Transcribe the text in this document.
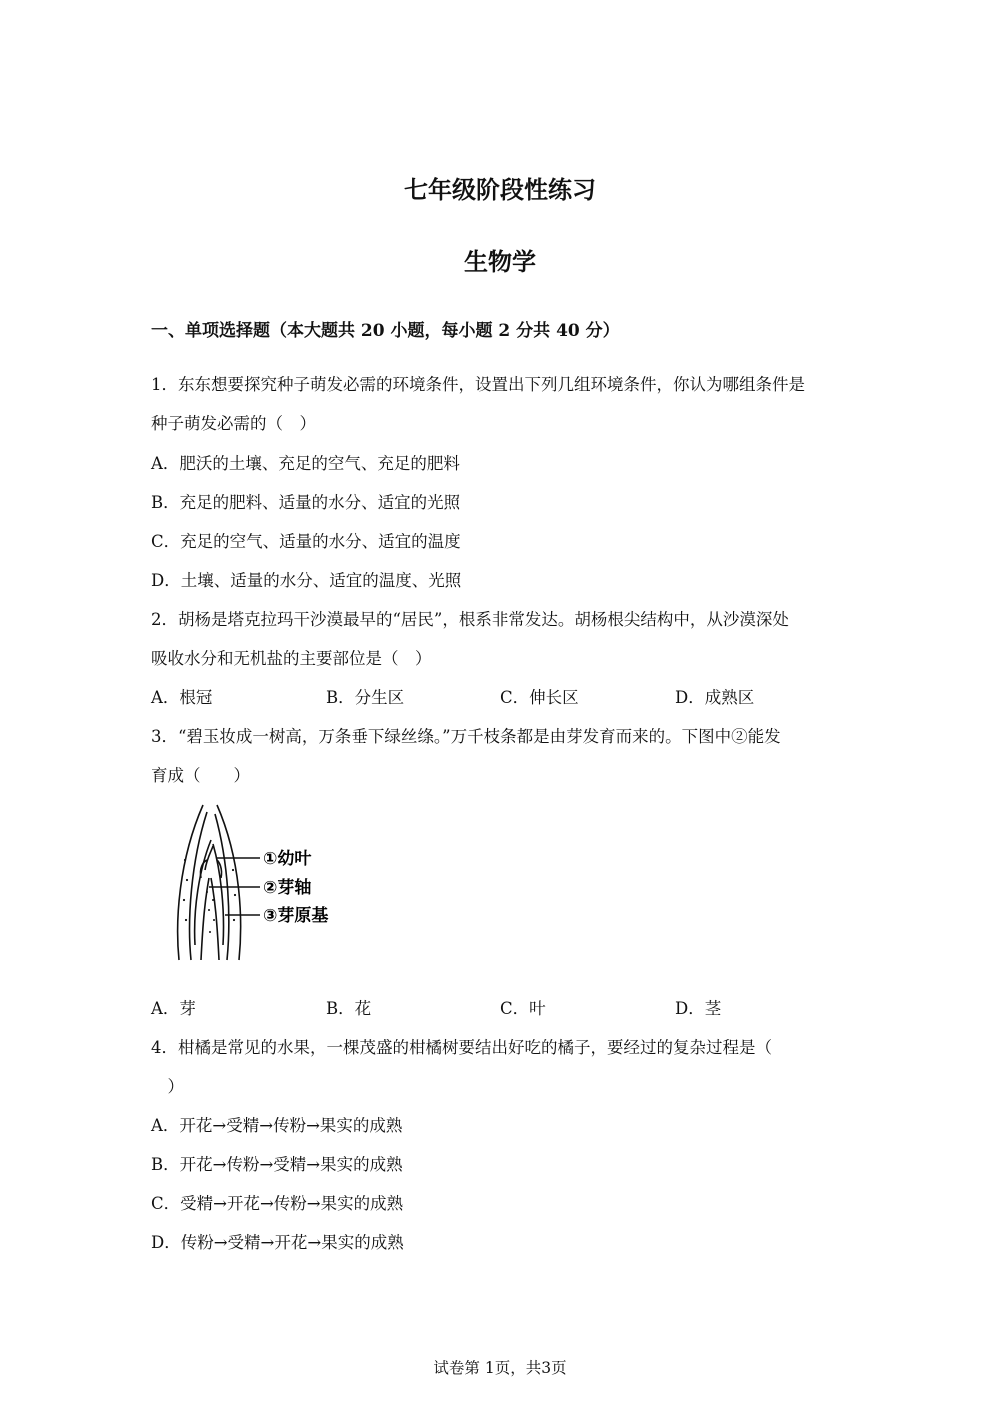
七年级阶段性练习
生物学
一、单项选择题（本大题共 20 小题，每小题 2 分共 40 分）
1．东东想要探究种子萌发必需的环境条件，设置出下列几组环境条件，你认为哪组条件是
种子萌发必需的（　）
A．肥沃的土壤、充足的空气、充足的肥料
B．充足的肥料、适量的水分、适宜的光照
C．充足的空气、适量的水分、适宜的温度
D．土壤、适量的水分、适宜的温度、光照
2．胡杨是塔克拉玛干沙漠最早的“居民”，根系非常发达。胡杨根尖结构中，从沙漠深处
吸收水分和无机盐的主要部位是（　）
A．根冠	B．分生区	C．伸长区	D．成熟区
3．“碧玉妆成一树高，万条垂下绿丝绦。”万千枝条都是由芽发育而来的。下图中②能发
育成（　　）
①幼叶
②芽轴
③芽原基
A．芽	B．花	C．叶	D．茎
4．柑橘是常见的水果，一棵茂盛的柑橘树要结出好吃的橘子，要经过的复杂过程是（
　）
A．开花→受精→传粉→果实的成熟
B．开花→传粉→受精→果实的成熟
C．受精→开花→传粉→果实的成熟
D．传粉→受精→开花→果实的成熟
试卷第 1页，共3页
